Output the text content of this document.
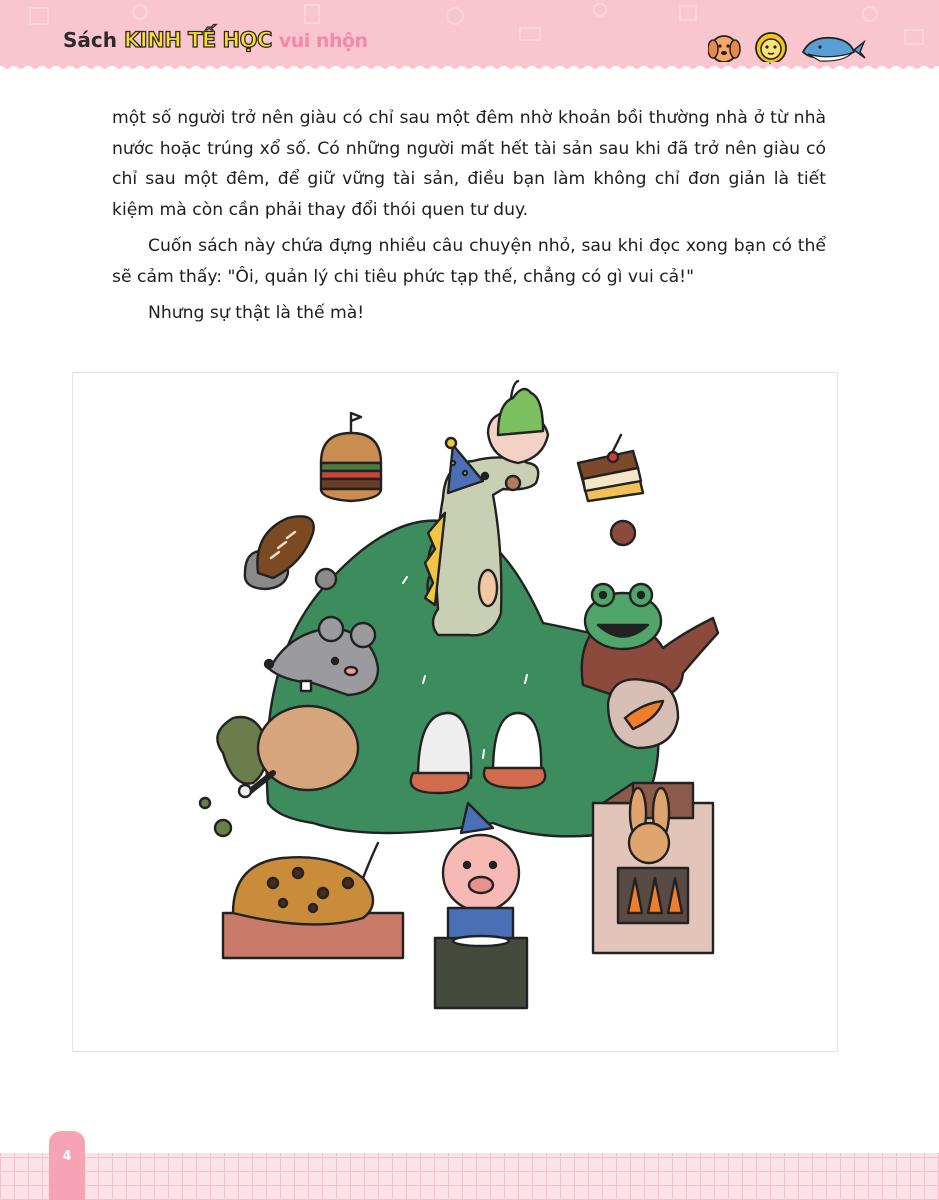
Sách KINH TẾ HỌC vui nhộn

một số người trở nên giàu có chỉ sau một đêm nhờ khoản bồi thường nhà ở từ nhà nước hoặc trúng xổ số. Có những người mất hết tài sản sau khi đã trở nên giàu có chỉ sau một đêm, để giữ vững tài sản, điều bạn làm không chỉ đơn giản là tiết kiệm mà còn cần phải thay đổi thói quen tư duy.

Cuốn sách này chứa đựng nhiều câu chuyện nhỏ, sau khi đọc xong bạn có thể sẽ cảm thấy: "Ôi, quản lý chi tiêu phức tạp thế, chẳng có gì vui cả!"

Nhưng sự thật là thế mà!

4
